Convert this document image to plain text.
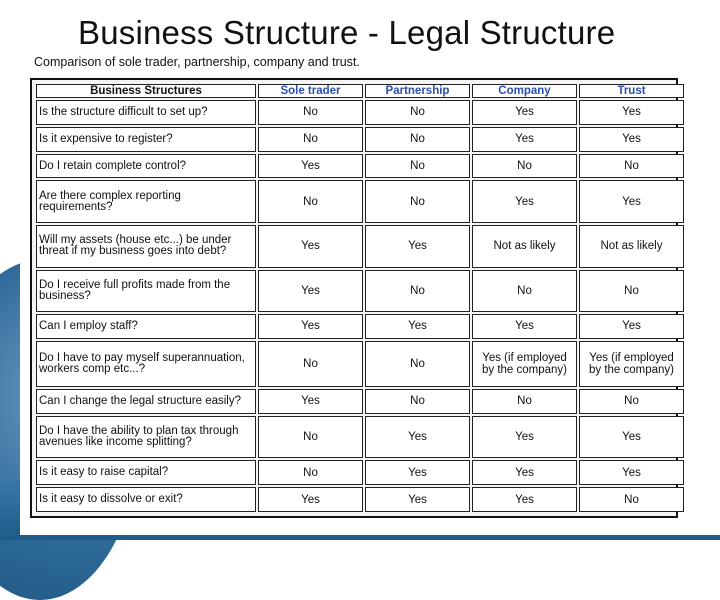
Business Structure - Legal Structure
Comparison of sole trader, partnership, company and trust.
Business Structures	Sole trader	Partnership	Company	Trust
Is the structure difficult to set up?	No	No	Yes	Yes
Is it expensive to register?	No	No	Yes	Yes
Do I retain complete control?	Yes	No	No	No
Are there complex reporting requirements?	No	No	Yes	Yes
Will my assets (house etc...) be under threat if my business goes into debt?	Yes	Yes	Not as likely	Not as likely
Do I receive full profits made from the business?	Yes	No	No	No
Can I employ staff?	Yes	Yes	Yes	Yes
Do I have to pay myself superannuation, workers comp etc...?	No	No	Yes (if employed by the company)	Yes (if employed by the company)
Can I change the legal structure easily?	Yes	No	No	No
Do I have the ability to plan tax through avenues like income splitting?	No	Yes	Yes	Yes
Is it easy to raise capital?	No	Yes	Yes	Yes
Is it easy to dissolve or exit?	Yes	Yes	Yes	No
fppt.com
